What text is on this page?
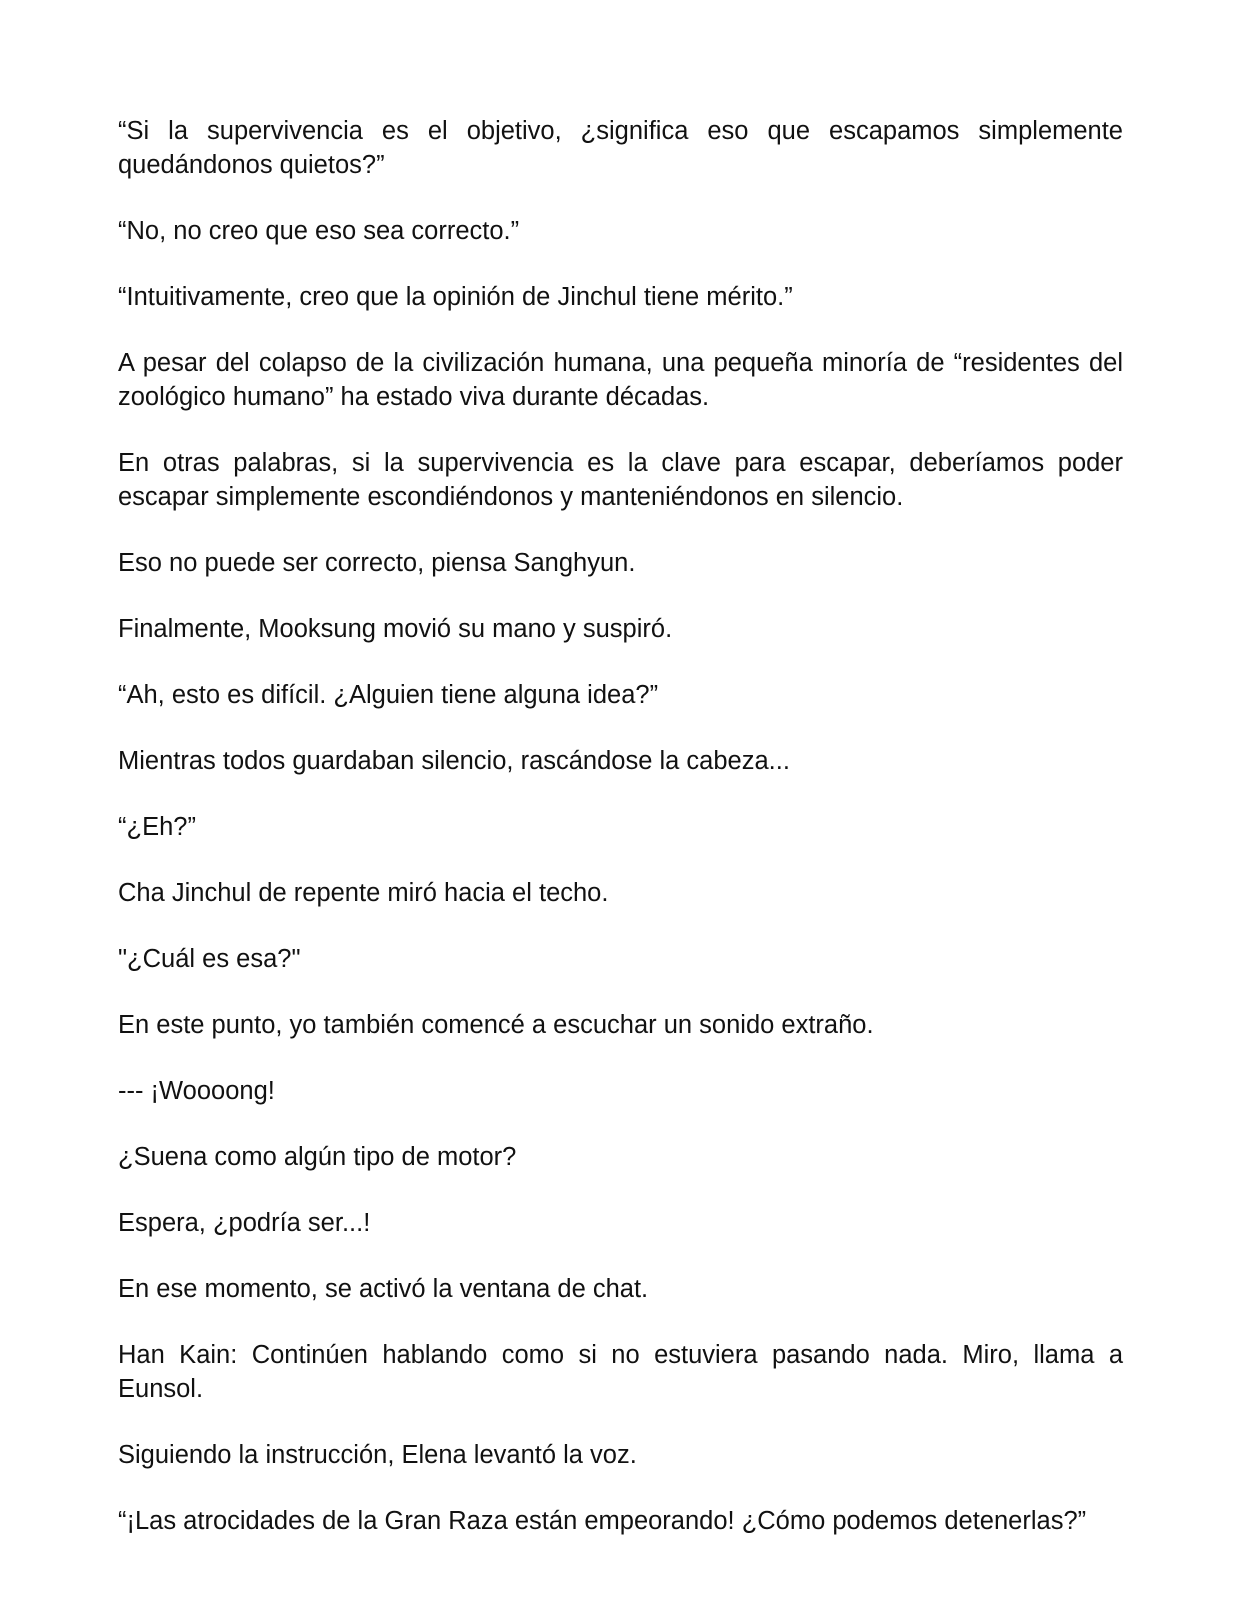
“Si la supervivencia es el objetivo, ¿significa eso que escapamos simplemente quedándonos quietos?”

“No, no creo que eso sea correcto.”

“Intuitivamente, creo que la opinión de Jinchul tiene mérito.”

A pesar del colapso de la civilización humana, una pequeña minoría de “residentes del zoológico humano” ha estado viva durante décadas.

En otras palabras, si la supervivencia es la clave para escapar, deberíamos poder escapar simplemente escondiéndonos y manteniéndonos en silencio.

Eso no puede ser correcto, piensa Sanghyun.

Finalmente, Mooksung movió su mano y suspiró.

“Ah, esto es difícil. ¿Alguien tiene alguna idea?”

Mientras todos guardaban silencio, rascándose la cabeza...

“¿Eh?”

Cha Jinchul de repente miró hacia el techo.

"¿Cuál es esa?"

En este punto, yo también comencé a escuchar un sonido extraño.

--- ¡Woooong!

¿Suena como algún tipo de motor?

Espera, ¿podría ser...!

En ese momento, se activó la ventana de chat.

Han Kain: Continúen hablando como si no estuviera pasando nada. Miro, llama a Eunsol.

Siguiendo la instrucción, Elena levantó la voz.

“¡Las atrocidades de la Gran Raza están empeorando! ¿Cómo podemos detenerlas?”
